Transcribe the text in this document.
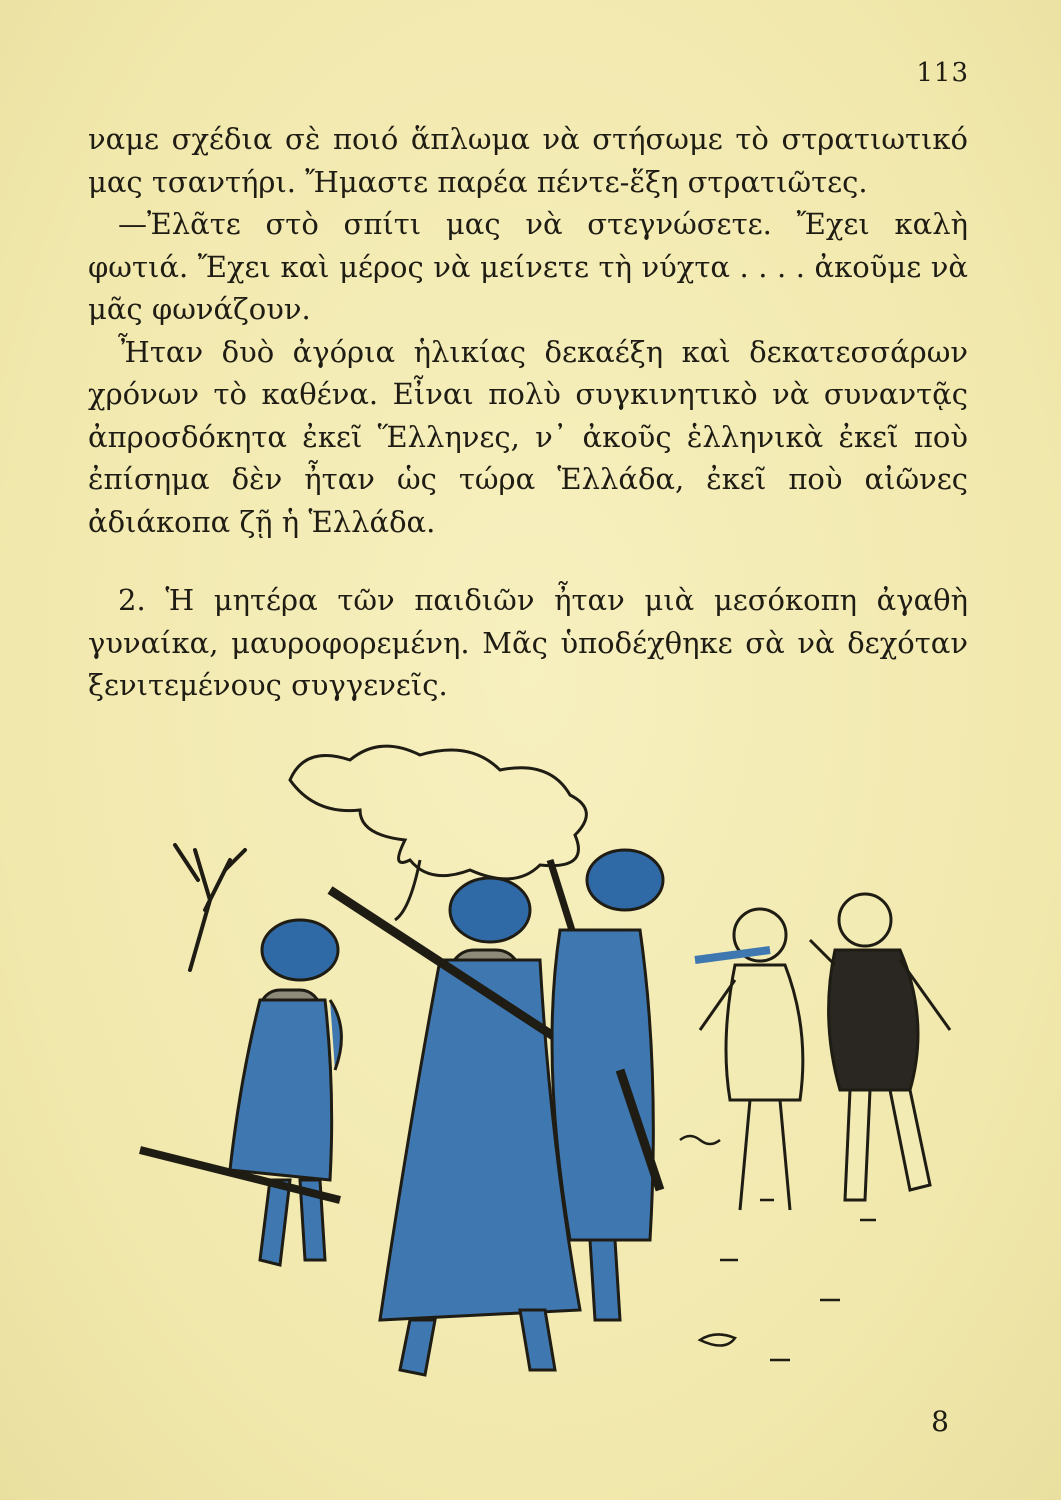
113

ναμε σχέδια σὲ ποιό ἅπλωμα νὰ στήσωμε τὸ στρατιωτικό μας τσαντήρι. Ἤμαστε παρέα πέντε-ἕξη στρατιῶτες.

—Ἐλᾶτε στὸ σπίτι μας νὰ στεγνώσετε. Ἔχει καλὴ φωτιά. Ἔχει καὶ μέρος νὰ μείνετε τὴ νύχτα . . . . ἀκοῦμε νὰ μᾶς φωνάζουν.

Ἦταν δυὸ ἀγόρια ἡλικίας δεκαέξη καὶ δεκατεσσάρων χρόνων τὸ καθένα. Εἶναι πολὺ συγκινητικὸ νὰ συναντᾷς ἀπροσδόκητα ἐκεῖ Ἕλληνες, ν᾽ ἀκοῦς ἑλληνικὰ ἐκεῖ ποὺ ἐπίσημα δὲν ἦταν ὡς τώρα Ἑλλάδα, ἐκεῖ ποὺ αἰῶνες ἀδιάκοπα ζῇ ἡ Ἑλλάδα.

2. Ἡ μητέρα τῶν παιδιῶν ἦταν μιὰ μεσόκοπη ἀγαθὴ γυναίκα, μαυροφορεμένη. Μᾶς ὑποδέχθηκε σὰ νὰ δεχόταν ξενιτεμένους συγγενεῖς.

8
